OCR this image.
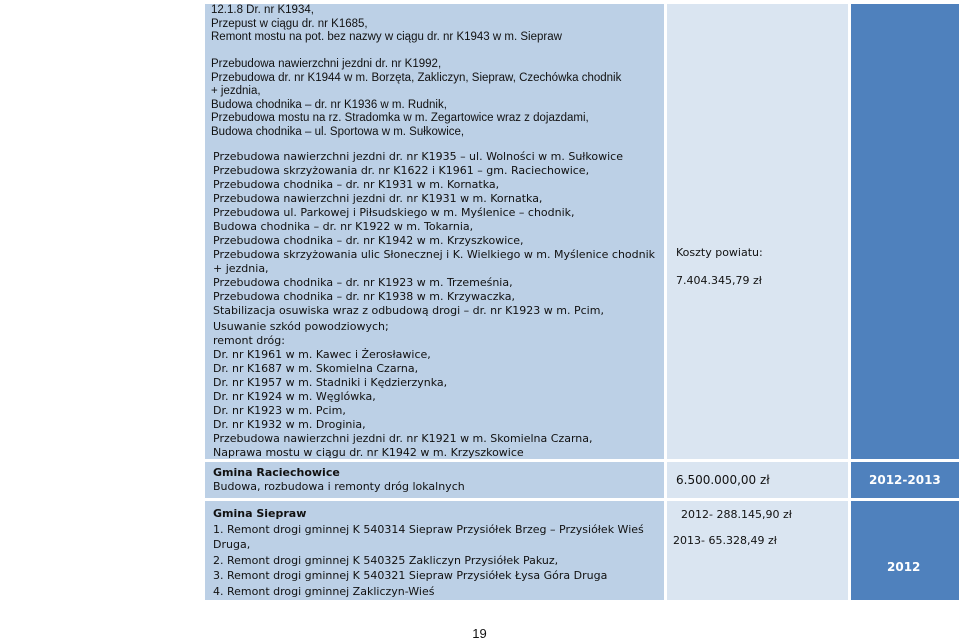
12.1.8 Dr. nr K1934,
Przepust w ciągu dr. nr K1685,
Remont mostu na pot. bez nazwy w ciągu dr. nr K1943 w m. Siepraw
Przebudowa nawierzchni jezdni dr. nr K1992,
Przebudowa dr. nr K1944 w m. Borzęta, Zakliczyn, Siepraw, Czechówka chodnik
+ jezdnia,
Budowa chodnika – dr. nr K1936 w m. Rudnik,
Przebudowa mostu na rz. Stradomka w m. Zegartowice wraz z dojazdami,
Budowa chodnika – ul. Sportowa w m. Sułkowice,
Przebudowa nawierzchni jezdni dr. nr K1935 – ul. Wolności w m. Sułkowice
Przebudowa skrzyżowania dr. nr K1622 i K1961 – gm. Raciechowice,
Przebudowa chodnika – dr. nr K1931 w m. Kornatka,
Przebudowa nawierzchni jezdni dr. nr K1931 w m. Kornatka,
Przebudowa ul. Parkowej i Piłsudskiego w m. Myślenice – chodnik,
Budowa chodnika – dr. nr K1922 w m. Tokarnia,
Przebudowa chodnika – dr. nr K1942 w m. Krzyszkowice,
Przebudowa skrzyżowania ulic Słonecznej i K. Wielkiego w m. Myślenice chodnik
+ jezdnia,
Przebudowa chodnika – dr. nr K1923 w m. Trzemeśnia,
Przebudowa chodnika – dr. nr K1938 w m. Krzywaczka,
Stabilizacja osuwiska wraz z odbudową drogi – dr. nr K1923 w m. Pcim,
Usuwanie szkód powodziowych;
remont dróg:
Dr. nr K1961 w m. Kawec i Żerosławice,
Dr. nr K1687 w m. Skomielna Czarna,
Dr. nr K1957 w m. Stadniki i Kędzierzynka,
Dr. nr K1924 w m. Węglówka,
Dr. nr K1923 w m. Pcim,
Dr. nr K1932 w m. Droginia,
Przebudowa nawierzchni jezdni dr. nr K1921 w m. Skomielna Czarna,
Naprawa mostu w ciągu dr. nr K1942 w m. Krzyszkowice
Koszty powiatu:
7.404.345,79 zł
Gmina Raciechowice
Budowa, rozbudowa i remonty dróg lokalnych	6.500.000,00 zł	2012-2013
Gmina Siepraw
1. Remont drogi gminnej K 540314 Siepraw Przysiółek Brzeg – Przysiółek Wieś
Druga,
2. Remont drogi gminnej K 540325 Zakliczyn Przysiółek Pakuz,
3. Remont drogi gminnej K 540321 Siepraw Przysiółek Łysa Góra Druga
4. Remont drogi gminnej Zakliczyn-Wieś
2012- 288.145,90 zł
2013- 65.328,49 zł
2012
19
